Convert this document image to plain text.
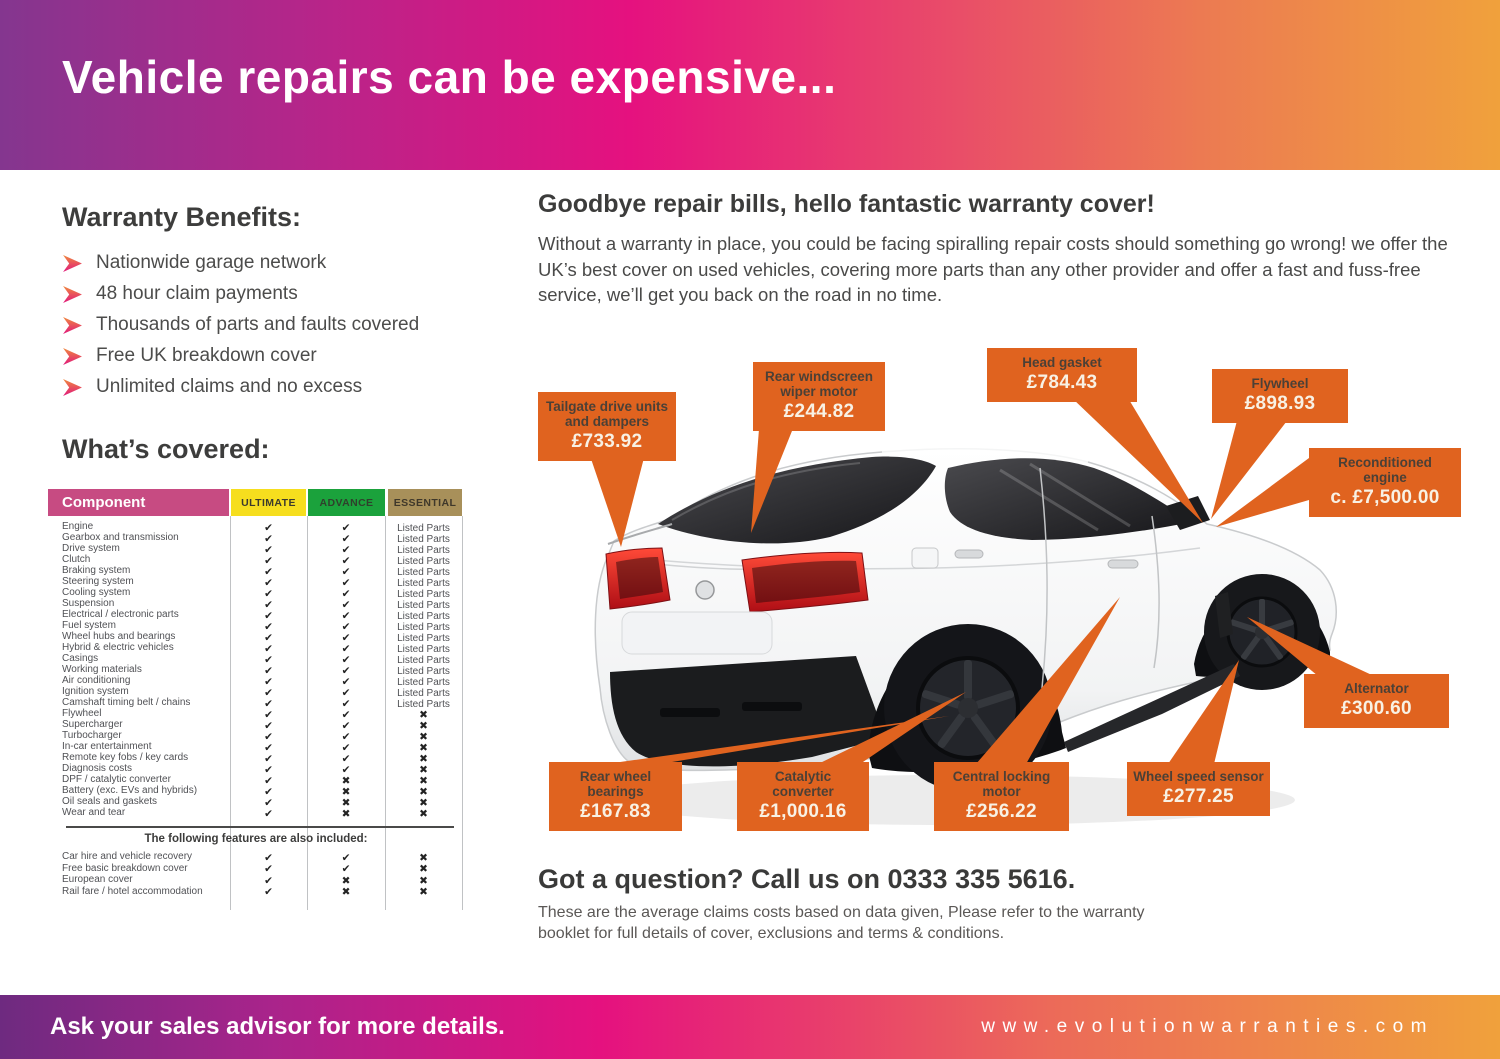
Vehicle repairs can be expensive...
Warranty Benefits:
Nationwide garage network
48 hour claim payments
Thousands of parts and faults covered
Free UK breakdown cover
Unlimited claims and no excess
What’s covered:
Component	ULTIMATE	ADVANCE	ESSENTIAL
Engine	✔	✔	Listed Parts
Gearbox and transmission	✔	✔	Listed Parts
Drive system	✔	✔	Listed Parts
Clutch	✔	✔	Listed Parts
Braking system	✔	✔	Listed Parts
Steering system	✔	✔	Listed Parts
Cooling system	✔	✔	Listed Parts
Suspension	✔	✔	Listed Parts
Electrical / electronic parts	✔	✔	Listed Parts
Fuel system	✔	✔	Listed Parts
Wheel hubs and bearings	✔	✔	Listed Parts
Hybrid & electric vehicles	✔	✔	Listed Parts
Casings	✔	✔	Listed Parts
Working materials	✔	✔	Listed Parts
Air conditioning	✔	✔	Listed Parts
Ignition system	✔	✔	Listed Parts
Camshaft timing belt / chains	✔	✔	Listed Parts
Flywheel	✔	✔	✖
Supercharger	✔	✔	✖
Turbocharger	✔	✔	✖
In-car entertainment	✔	✔	✖
Remote key fobs / key cards	✔	✔	✖
Diagnosis costs	✔	✔	✖
DPF / catalytic converter	✔	✖	✖
Battery (exc. EVs and hybrids)	✔	✖	✖
Oil seals and gaskets	✔	✖	✖
Wear and tear	✔	✖	✖
The following features are also included:
Car hire and vehicle recovery	✔	✔	✖
Free basic breakdown cover	✔	✔	✖
European cover	✔	✖	✖
Rail fare / hotel accommodation	✔	✖	✖
Goodbye repair bills, hello fantastic warranty cover!

Without a warranty in place, you could be facing spiralling repair costs should something go wrong! we offer the UK’s best cover on used vehicles, covering more parts than any other provider and offer a fast and fuss-free service, we’ll get you back on the road in no time.

Tailgate drive units and dampers
£733.92
Rear windscreen wiper motor
£244.82
Head gasket
£784.43	Flywheel
£898.93
Reconditioned engine
c. £7,500.00
Alternator
£300.60
Wheel speed sensor
£277.25
Central locking motor
£256.22
Catalytic converter
£1,000.16
Rear wheel bearings
£167.83
Got a question? Call us on 0333 335 5616.

These are the average claims costs based on data given, Please refer to the warranty booklet for full details of cover, exclusions and terms & conditions.

Ask your sales advisor for more details.	www.evolutionwarranties.com
